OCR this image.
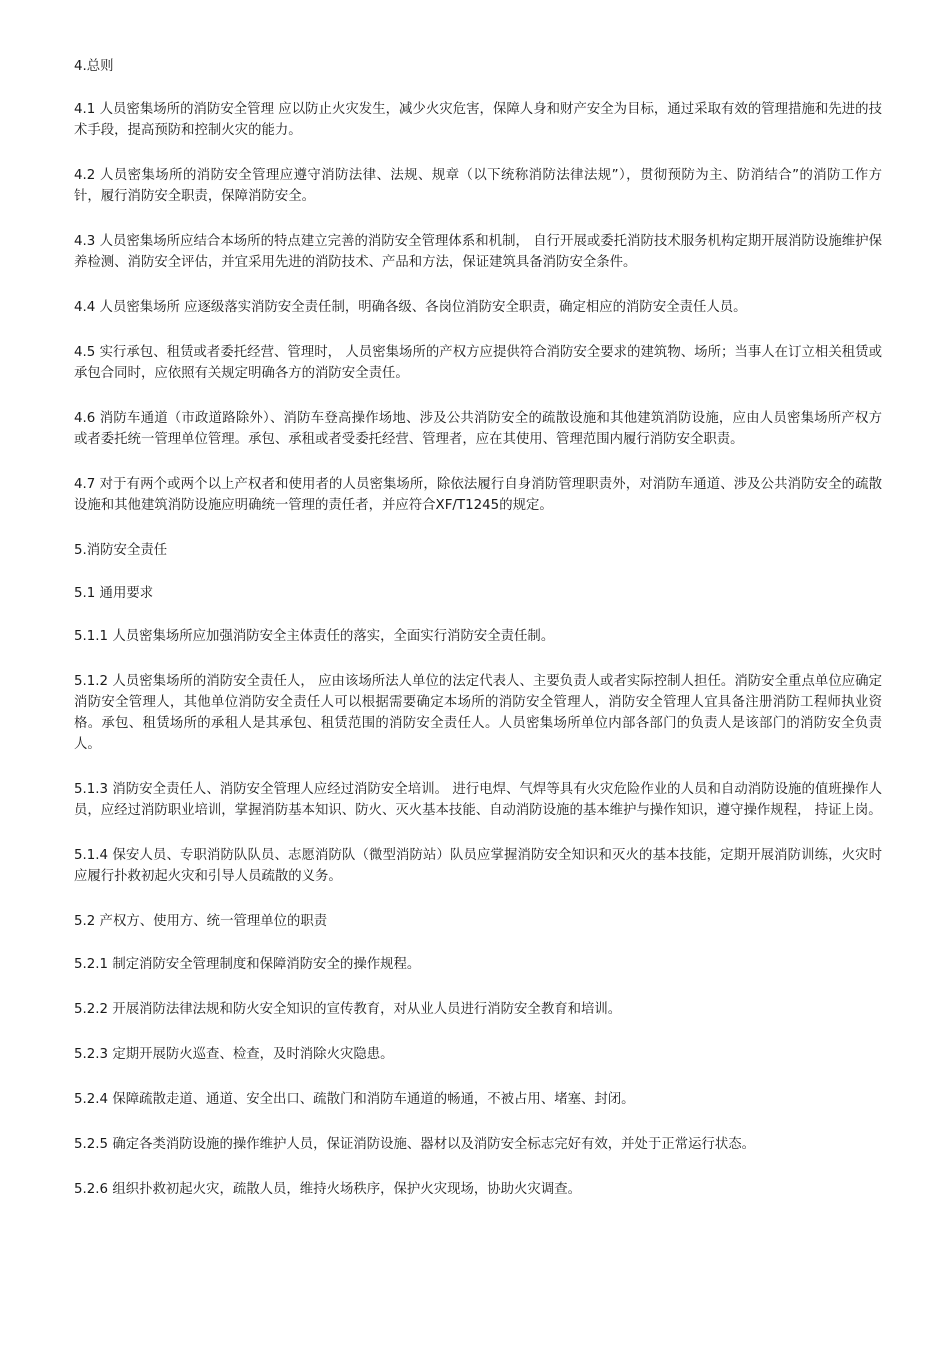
4.总则

4.1 人员密集场所的消防安全管理 应以防止火灾发生，减少火灾危害，保障人身和财产安全为目标，通过采取有效的管理措施和先进的技术手段，提高预防和控制火灾的能力。

4.2 人员密集场所的消防安全管理应遵守消防法律、法规、规章（以下统称消防法律法规”），贯彻预防为主、防消结合”的消防工作方针，履行消防安全职责，保障消防安全。

4.3 人员密集场所应结合本场所的特点建立完善的消防安全管理体系和机制， 自行开展或委托消防技术服务机构定期开展消防设施维护保养检测、消防安全评估，并宜采用先进的消防技术、产品和方法，保证建筑具备消防安全条件。

4.4 人员密集场所 应逐级落实消防安全责任制，明确各级、各岗位消防安全职责，确定相应的消防安全责任人员。

4.5 实行承包、租赁或者委托经营、管理时， 人员密集场所的产权方应提供符合消防安全要求的建筑物、场所；当事人在订立相关租赁或承包合同时，应依照有关规定明确各方的消防安全责任。

4.6 消防车通道（市政道路除外）、消防车登高操作场地、涉及公共消防安全的疏散设施和其他建筑消防设施，应由人员密集场所产权方或者委托统一管理单位管理。承包、承租或者受委托经营、管理者，应在其使用、管理范围内履行消防安全职责。

4.7 对于有两个或两个以上产权者和使用者的人员密集场所，除依法履行自身消防管理职责外，对消防车通道、涉及公共消防安全的疏散设施和其他建筑消防设施应明确统一管理的责任者，并应符合XF/T1245的规定。

5.消防安全责任

5.1 通用要求

5.1.1 人员密集场所应加强消防安全主体责任的落实，全面实行消防安全责任制。

5.1.2 人员密集场所的消防安全责任人， 应由该场所法人单位的法定代表人、主要负责人或者实际控制人担任。消防安全重点单位应确定消防安全管理人，其他单位消防安全责任人可以根据需要确定本场所的消防安全管理人，消防安全管理人宜具备注册消防工程师执业资格。承包、租赁场所的承租人是其承包、租赁范围的消防安全责任人。人员密集场所单位内部各部门的负责人是该部门的消防安全负责人。

5.1.3 消防安全责任人、消防安全管理人应经过消防安全培训。 进行电焊、气焊等具有火灾危险作业的人员和自动消防设施的值班操作人员，应经过消防职业培训，掌握消防基本知识、防火、灭火基本技能、自动消防设施的基本维护与操作知识，遵守操作规程， 持证上岗。

5.1.4 保安人员、专职消防队队员、志愿消防队（微型消防站）队员应掌握消防安全知识和灭火的基本技能，定期开展消防训练，火灾时应履行扑救初起火灾和引导人员疏散的义务。

5.2 产权方、使用方、统一管理单位的职责

5.2.1 制定消防安全管理制度和保障消防安全的操作规程。

5.2.2 开展消防法律法规和防火安全知识的宣传教育，对从业人员进行消防安全教育和培训。

5.2.3 定期开展防火巡查、检查，及时消除火灾隐患。

5.2.4 保障疏散走道、通道、安全出口、疏散门和消防车通道的畅通，不被占用、堵塞、封闭。

5.2.5 确定各类消防设施的操作维护人员，保证消防设施、器材以及消防安全标志完好有效，并处于正常运行状态。

5.2.6 组织扑救初起火灾，疏散人员，维持火场秩序，保护火灾现场，协助火灾调查。
